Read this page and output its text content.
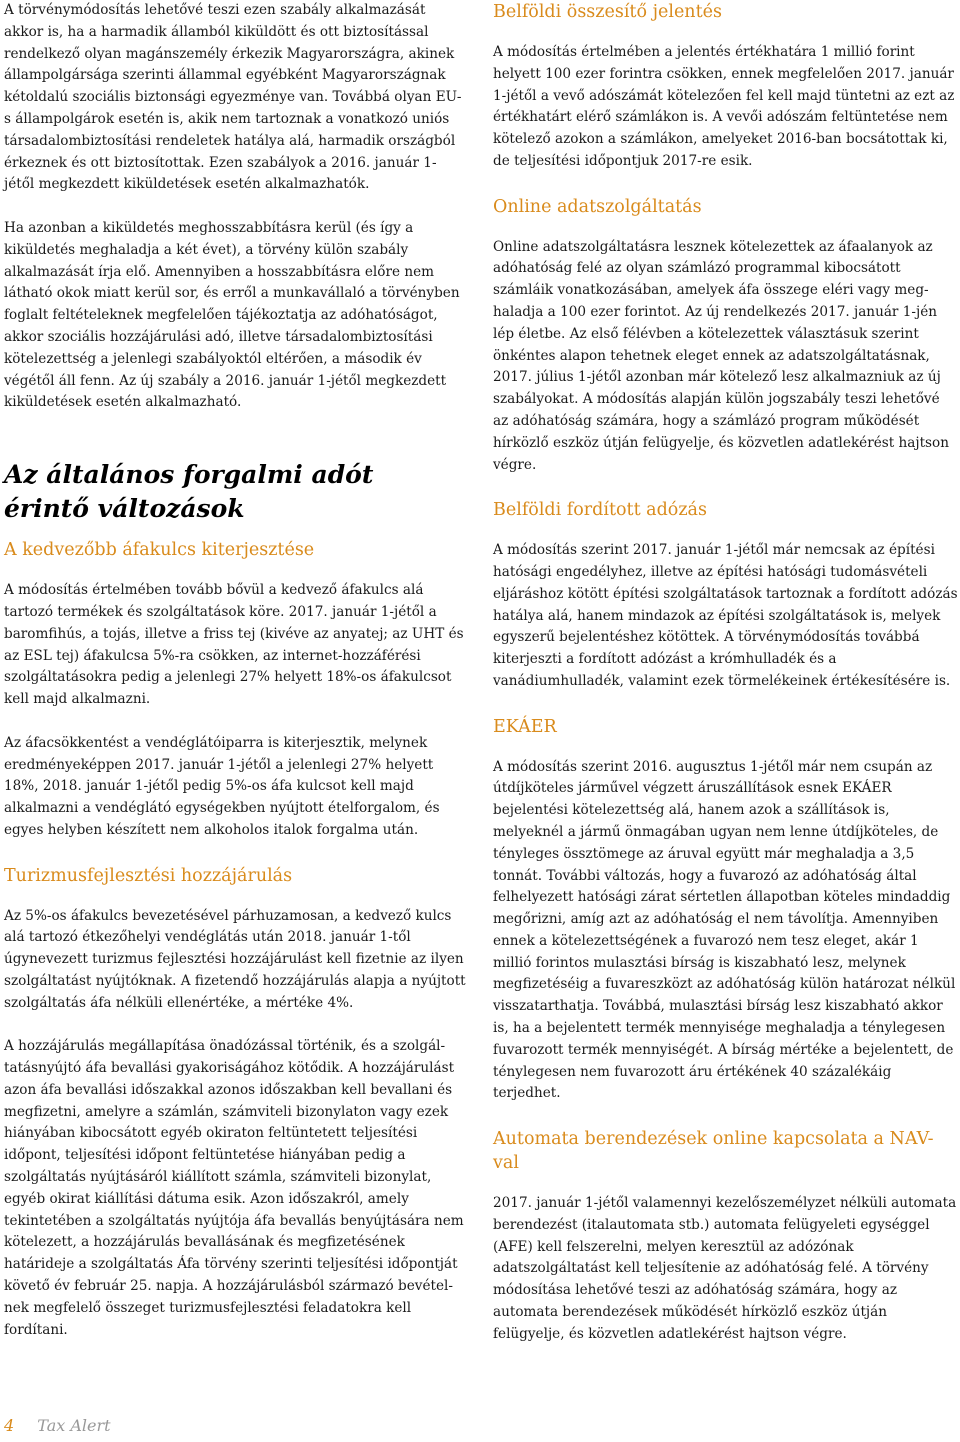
A törvénymódosítás lehetővé teszi ezen szabály alkalmazását akkor is, ha a harmadik államból kiküldött és ott biztosítással rendelkező olyan magánszemély érkezik Magyarországra, akinek állampolgársága szerinti állammal egyébként Magyarországnak kétoldalú szociális biztonsági egyezménye van. Továbbá olyan EU-s állampolgárok esetén is, akik nem tartoznak a vonatkozó uniós társadalombiztosítási rendeletek hatálya alá, harmadik országból érkeznek és ott biztosítottak. Ezen szabályok a 2016. január 1-jétől megkezdett kiküldetések esetén alkalmazhatók.

Ha azonban a kiküldetés meghosszabbításra kerül (és így a kiküldetés meghaladja a két évet), a törvény külön szabály alkalmazását írja elő. Amennyiben a hosszabbításra előre nem látható okok miatt kerül sor, és erről a munkavállaló a törvényben foglalt feltételeknek megfelelően tájékoztatja az adóhatóságot, akkor szociális hozzájárulási adó, illetve társadalombiztosítási kötelezettség a jelenlegi szabályoktól eltérően, a második év végétől áll fenn. Az új szabály a 2016. január 1-jétől megkezdett kiküldetések esetén alkalmazható.

Az általános forgalmi adót érintő változások
A kedvezőbb áfakulcs kiterjesztése

A módosítás értelmében tovább bővül a kedvező áfakulcs alá tartozó termékek és szolgáltatások köre. 2017. január 1-jétől a baromfihús, a tojás, illetve a friss tej (kivéve az anyatej; az UHT és az ESL tej) áfakulcsa 5%-ra csökken, az internet-hozzáférési szolgáltatásokra pedig a jelenlegi 27% helyett 18%-os áfakulcsot kell majd alkalmazni.

Az áfacsökkentést a vendéglátóiparra is kiterjesztik, melynek eredményeképpen 2017. január 1-jétől a jelenlegi 27% helyett 18%, 2018. január 1-jétől pedig 5%-os áfa kulcsot kell majd alkalmazni a vendéglátó egységekben nyújtott ételforgalom, és egyes helyben készített nem alkoholos italok forgalma után.

Turizmusfejlesztési hozzájárulás

Az 5%-os áfakulcs bevezetésével párhuzamosan, a kedvező kulcs alá tartozó étkezőhelyi vendéglátás után 2018. január 1-től úgynevezett turizmus fejlesztési hozzájárulást kell fizetnie az ilyen szolgáltatást nyújtóknak. A fizetendő hozzájárulás alapja a nyújtott szolgáltatás áfa nélküli ellenértéke, a mértéke 4%.

A hozzájárulás megállapítása önadózással történik, és a szolgál-tatásnyújtó áfa bevallási gyakoriságához kötődik. A hozzájárulást azon áfa bevallási időszakkal azonos időszakban kell bevallani és megfizetni, amelyre a számlán, számviteli bizonylaton vagy ezek hiányában kibocsátott egyéb okiraton feltüntetett teljesítési időpont, teljesítési időpont feltüntetése hiányában pedig a szolgáltatás nyújtásáról kiállított számla, számviteli bizonylat, egyéb okirat kiállítási dátuma esik. Azon időszakról, amely tekintetében a szolgáltatás nyújtója áfa bevallás benyújtására nem kötelezett, a hozzájárulás bevallásának és megfizetésének határideje a szolgáltatás Áfa törvény szerinti teljesítési időpontját követő év február 25. napja. A hozzájárulásból származó bevétel-nek megfelelő összeget turizmusfejlesztési feladatokra kell fordítani.

Belföldi összesítő jelentés

A módosítás értelmében a jelentés értékhatára 1 millió forint helyett 100 ezer forintra csökken, ennek megfelelően 2017. január 1-jétől a vevő adószámát kötelezően fel kell majd tüntetni az ezt az értékhatárt elérő számlákon is. A vevői adószám feltüntetése nem kötelező azokon a számlákon, amelyeket 2016-ban bocsátottak ki, de teljesítési időpontjuk 2017-re esik.

Online adatszolgáltatás

Online adatszolgáltatásra lesznek kötelezettek az áfaalanyok az adóhatóság felé az olyan számlázó programmal kibocsátott számláik vonatkozásában, amelyek áfa összege eléri vagy meg-haladja a 100 ezer forintot. Az új rendelkezés 2017. január 1-jén lép életbe. Az első félévben a kötelezettek választásuk szerint önkéntes alapon tehetnek eleget ennek az adatszolgáltatásnak, 2017. július 1-jétől azonban már kötelező lesz alkalmazniuk az új szabályokat. A módosítás alapján külön jogszabály teszi lehetővé az adóhatóság számára, hogy a számlázó program működését hírközlő eszköz útján felügyelje, és közvetlen adatlekérést hajtson végre.

Belföldi fordított adózás

A módosítás szerint 2017. január 1-jétől már nemcsak az építési hatósági engedélyhez, illetve az építési hatósági tudomásvételi eljáráshoz kötött építési szolgáltatások tartoznak a fordított adózás hatálya alá, hanem mindazok az építési szolgáltatások is, melyek egyszerű bejelentéshez kötöttek. A törvénymódosítás továbbá kiterjeszti a fordított adózást a krómhulladék és a vanádiumhulladék, valamint ezek törmelékeinek értékesítésére is.

EKÁER

A módosítás szerint 2016. augusztus 1-jétől már nem csupán az útdíjköteles járművel végzett áruszállítások esnek EKÁER bejelentési kötelezettség alá, hanem azok a szállítások is, melyeknél a jármű önmagában ugyan nem lenne útdíjköteles, de tényleges össztömege az áruval együtt már meghaladja a 3,5 tonnát. További változás, hogy a fuvarozó az adóhatóság által felhelyezett hatósági zárat sértetlen állapotban köteles mindaddig megőrizni, amíg azt az adóhatóság el nem távolítja. Amennyiben ennek a kötelezettségének a fuvarozó nem tesz eleget, akár 1 millió forintos mulasztási bírság is kiszabható lesz, melynek megfizetéséig a fuvareszközt az adóhatóság külön határozat nélkül visszatarthatja. Továbbá, mulasztási bírság lesz kiszabható akkor is, ha a bejelentett termék mennyisége meghaladja a ténylegesen fuvarozott termék mennyiségét. A bírság mértéke a bejelentett, de ténylegesen nem fuvarozott áru értékének 40 százalékáig terjedhet.

Automata berendezések online kapcsolata a NAV-val

2017. január 1-jétől valamennyi kezelőszemélyzet nélküli automata berendezést (italautomata stb.) automata felügyeleti egységgel (AFE) kell felszerelni, melyen keresztül az adózónak adatszolgáltatást kell teljesítenie az adóhatóság felé. A törvény módosítása lehetővé teszi az adóhatóság számára, hogy az automata berendezések működését hírközlő eszköz útján felügyelje, és közvetlen adatlekérést hajtson végre.

4 Tax Alert
